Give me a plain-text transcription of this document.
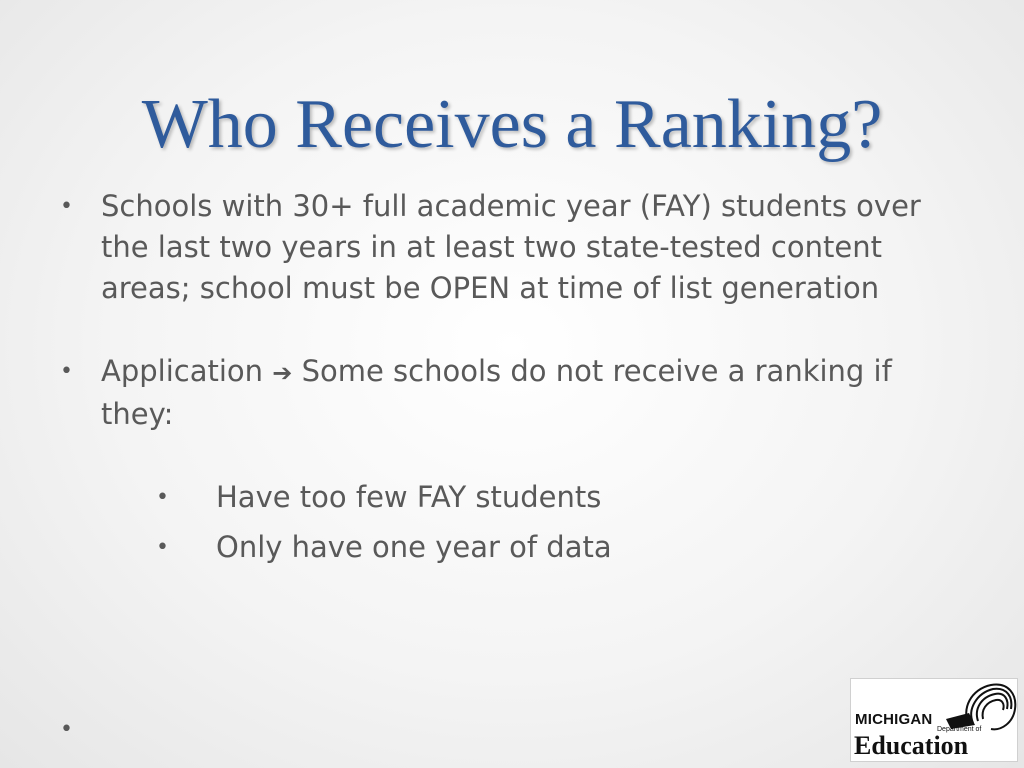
Who Receives a Ranking?
• Schools with 30+ full academic year (FAY) students over the last two years in at least two state-tested content areas; school must be OPEN at time of list generation
• Application ➔ Some schools do not receive a ranking if they:
• Have too few FAY students
• Only have one year of data
•	MICHIGAN
Department of
Education
